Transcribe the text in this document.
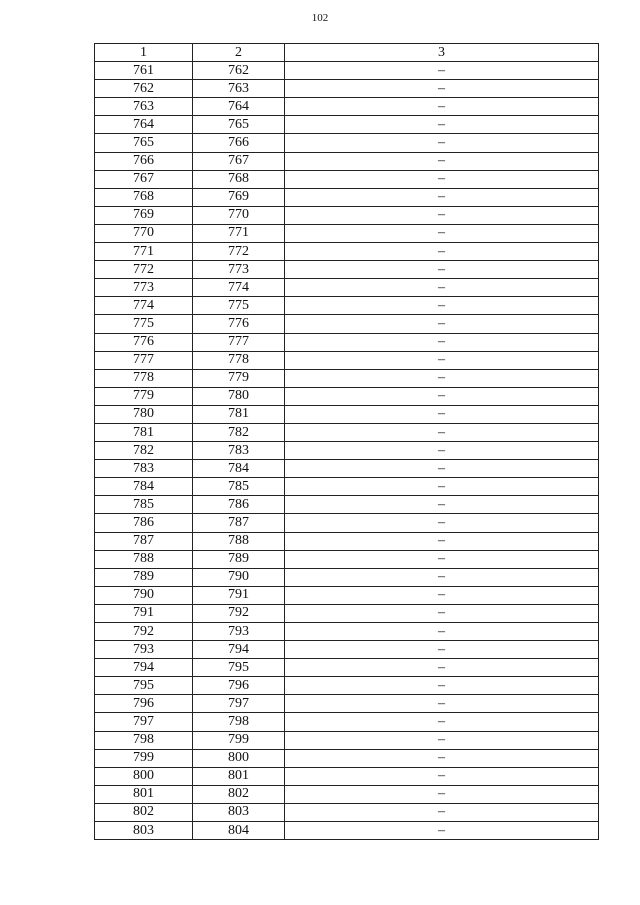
102
1	2	3
761	762	–
762	763	–
763	764	–
764	765	–
765	766	–
766	767	–
767	768	–
768	769	–
769	770	–
770	771	–
771	772	–
772	773	–
773	774	–
774	775	–
775	776	–
776	777	–
777	778	–
778	779	–
779	780	–
780	781	–
781	782	–
782	783	–
783	784	–
784	785	–
785	786	–
786	787	–
787	788	–
788	789	–
789	790	–
790	791	–
791	792	–
792	793	–
793	794	–
794	795	–
795	796	–
796	797	–
797	798	–
798	799	–
799	800	–
800	801	–
801	802	–
802	803	–
803	804	–
